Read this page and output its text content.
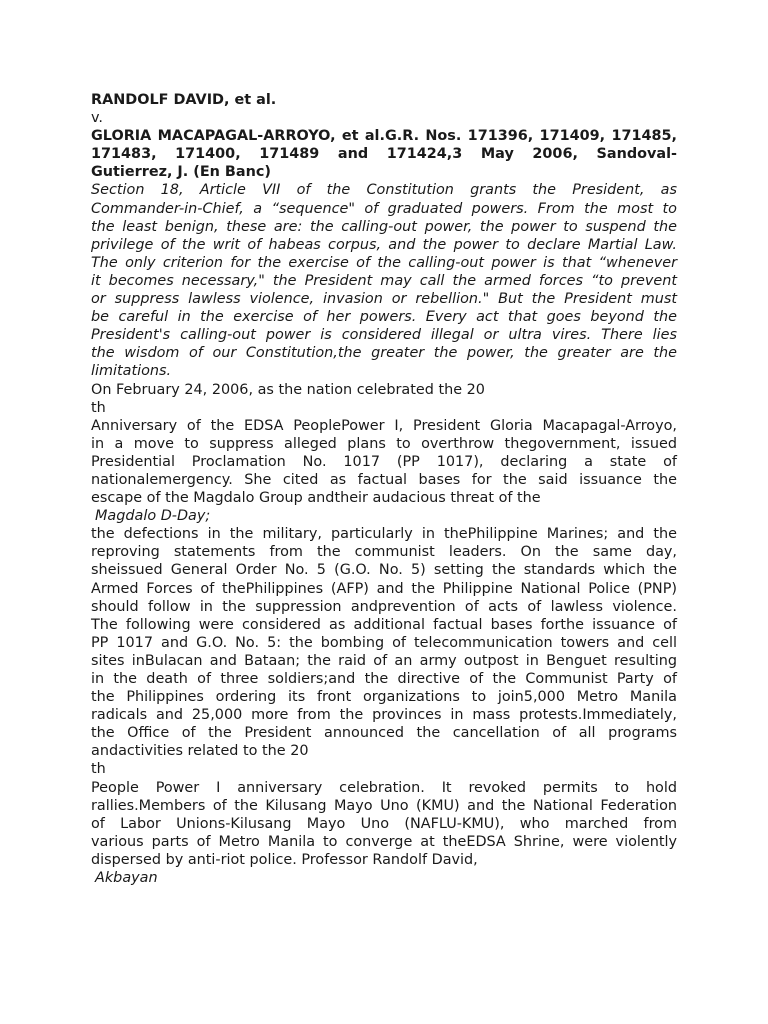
RANDOLF DAVID, et al.
v.
GLORIA MACAPAGAL-ARROYO, et al.G.R. Nos. 171396, 171409, 171485,
171483, 171400, 171489 and 171424,3 May 2006, Sandoval-
Gutierrez, J. (En Banc)
Section 18, Article VII of the Constitution grants the President, as
Commander-in-Chief, a “sequence" of graduated powers. From the most to
the least benign, these are: the calling-out power, the power to suspend the
privilege of the writ of habeas corpus, and the power to declare Martial Law.
The only criterion for the exercise of the calling-out power is that “whenever
it becomes necessary," the President may call the armed forces “to prevent
or suppress lawless violence, invasion or rebellion." But the President must
be careful in the exercise of her powers. Every act that goes beyond the
President's calling-out power is considered illegal or ultra vires. There lies
the wisdom of our Constitution,the greater the power, the greater are the
limitations.
On February 24, 2006, as the nation celebrated the 20
th
Anniversary of the EDSA PeoplePower I, President Gloria Macapagal-Arroyo,
in a move to suppress alleged plans to overthrow thegovernment, issued
Presidential Proclamation No. 1017 (PP 1017), declaring a state of
nationalemergency. She cited as factual bases for the said issuance the
escape of the Magdalo Group andtheir audacious threat of the
Magdalo D-Day;
the defections in the military, particularly in thePhilippine Marines; and the
reproving statements from the communist leaders. On the same day,
sheissued General Order No. 5 (G.O. No. 5) setting the standards which the
Armed Forces of thePhilippines (AFP) and the Philippine National Police (PNP)
should follow in the suppression andprevention of acts of lawless violence.
The following were considered as additional factual bases forthe issuance of
PP 1017 and G.O. No. 5: the bombing of telecommunication towers and cell
sites inBulacan and Bataan; the raid of an army outpost in Benguet resulting
in the death of three soldiers;and the directive of the Communist Party of
the Philippines ordering its front organizations to join5,000 Metro Manila
radicals and 25,000 more from the provinces in mass protests.Immediately,
the Office of the President announced the cancellation of all programs
andactivities related to the 20
th
People Power I anniversary celebration. It revoked permits to hold
rallies.Members of the Kilusang Mayo Uno (KMU) and the National Federation
of Labor Unions-Kilusang Mayo Uno (NAFLU-KMU), who marched from
various parts of Metro Manila to converge at theEDSA Shrine, were violently
dispersed by anti-riot police. Professor Randolf David,
Akbayan
